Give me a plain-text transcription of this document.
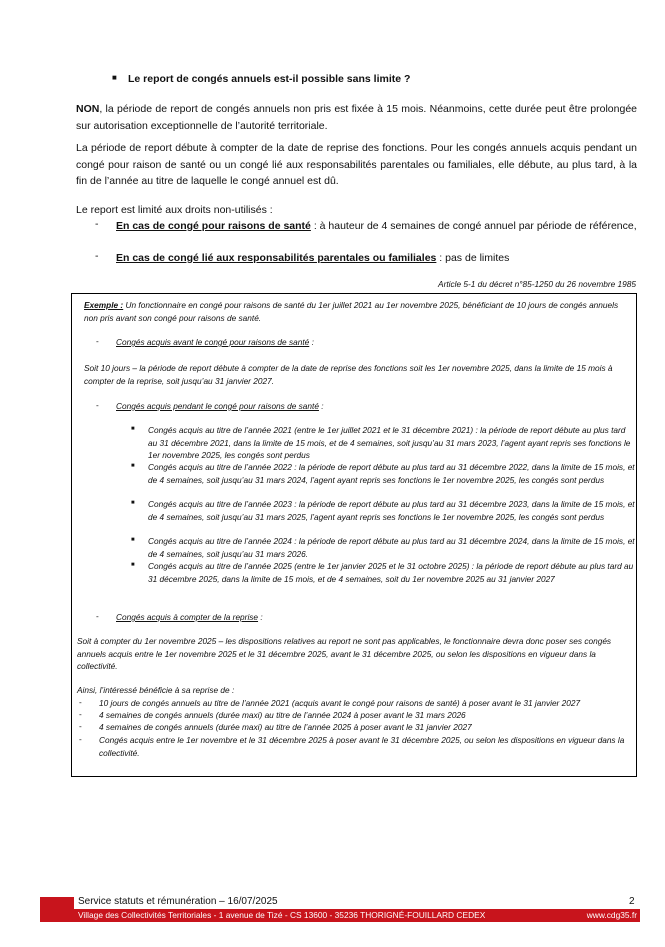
■ Le report de congés annuels est-il possible sans limite ?
NON, la période de report de congés annuels non pris est fixée à 15 mois. Néanmoins, cette durée peut être prolongée sur autorisation exceptionnelle de l’autorité territoriale.
La période de report débute à compter de la date de reprise des fonctions. Pour les congés annuels acquis pendant un congé pour raison de santé ou un congé lié aux responsabilités parentales ou familiales, elle débute, au plus tard, à la fin de l’année au titre de laquelle le congé annuel est dû.
Le report est limité aux droits non-utilisés :
- En cas de congé pour raisons de santé : à hauteur de 4 semaines de congé annuel par période de référence,
- En cas de congé lié aux responsabilités parentales ou familiales : pas de limites
Article 5-1 du décret n°85-1250 du 26 novembre 1985
Exemple : Un fonctionnaire en congé pour raisons de santé du 1er juillet 2021 au 1er novembre 2025, bénéficiant de 10 jours de congés annuels non pris avant son congé pour raisons de santé.
- Congés acquis avant le congé pour raisons de santé :
Soit 10 jours – la période de report débute à compter de la date de reprise des fonctions soit les 1er novembre 2025, dans la limite de 15 mois à compter de la reprise, soit jusqu’au 31 janvier 2027.
- Congés acquis pendant le congé pour raisons de santé :
■ Congés acquis au titre de l’année 2021 (entre le 1er juillet 2021 et le 31 décembre 2021) : la période de report débute au plus tard au 31 décembre 2021, dans la limite de 15 mois, et de 4 semaines, soit jusqu’au 31 mars 2023, l’agent ayant repris ses fonctions le 1er novembre 2025, les congés sont perdus
■ Congés acquis au titre de l’année 2022 : la période de report débute au plus tard au 31 décembre 2022, dans la limite de 15 mois, et de 4 semaines, soit jusqu’au 31 mars 2024, l’agent ayant repris ses fonctions le 1er novembre 2025, les congés sont perdus
■ Congés acquis au titre de l’année 2023 : la période de report débute au plus tard au 31 décembre 2023, dans la limite de 15 mois, et de 4 semaines, soit jusqu’au 31 mars 2025, l’agent ayant repris ses fonctions le 1er novembre 2025, les congés sont perdus
■ Congés acquis au titre de l’année 2024 : la période de report débute au plus tard au 31 décembre 2024, dans la limite de 15 mois, et de 4 semaines, soit jusqu’au 31 mars 2026.
■ Congés acquis au titre de l’année 2025 (entre le 1er janvier 2025 et le 31 octobre 2025) : la période de report débute au plus tard au 31 décembre 2025, dans la limite de 15 mois, et de 4 semaines, soit du 1er novembre 2025 au 31 janvier 2027
- Congés acquis à compter de la reprise :
Soit à compter du 1er novembre 2025 – les dispositions relatives au report ne sont pas applicables, le fonctionnaire devra donc poser ses congés annuels acquis entre le 1er novembre 2025 et le 31 décembre 2025, avant le 31 décembre 2025, ou selon les dispositions en vigueur dans la collectivité.
Ainsi, l’intéressé bénéficie à sa reprise de :
- 10 jours de congés annuels au titre de l’année 2021 (acquis avant le congé pour raisons de santé) à poser avant le 31 janvier 2027
- 4 semaines de congés annuels (durée maxi) au titre de l’année 2024 à poser avant le 31 mars 2026
- 4 semaines de congés annuels (durée maxi) au titre de l’année 2025 à poser avant le 31 janvier 2027
- Congés acquis entre le 1er novembre et le 31 décembre 2025 à poser avant le 31 décembre 2025, ou selon les dispositions en vigueur dans la collectivité.
Service statuts et rémunération – 16/07/2025	2
Village des Collectivités Territoriales - 1 avenue de Tizé - CS 13600 - 35236 THORIGNÉ-FOUILLARD CEDEX	www.cdg35.fr
